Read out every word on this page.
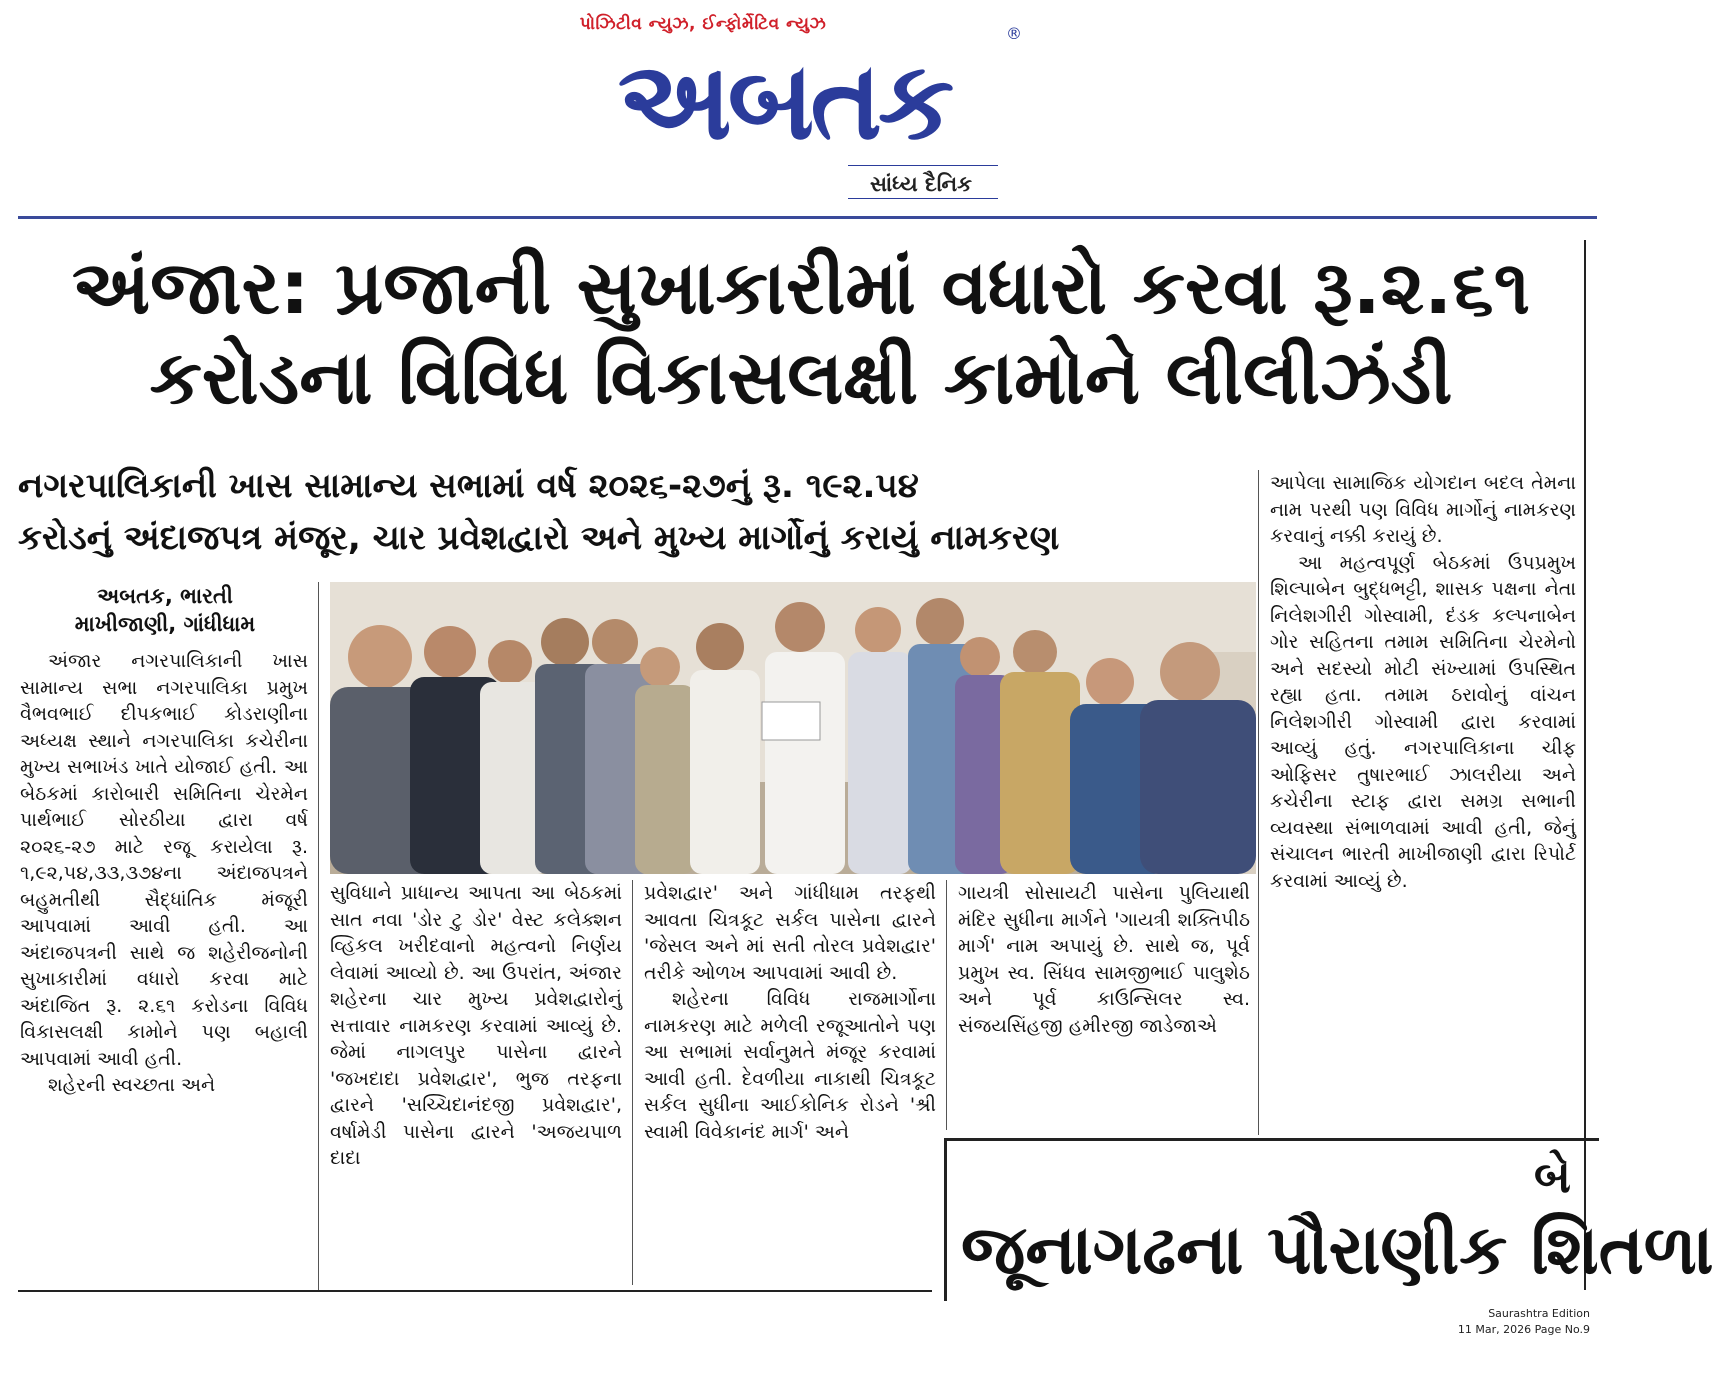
પોઝિટીવ ન્યુઝ, ઈન્ફોર્મેટિવ ન્યુઝ
અબતક
®
સાંધ્ય દૈનિક
અંજાર: પ્રજાની સુખાકારીમાં વધારો કરવા રૂ.૨.૬૧
કરોડના વિવિધ વિકાસલક્ષી કામોને લીલીઝંડી
નગરપાલિકાની ખાસ સામાન્ય સભામાં વર્ષ ૨૦૨૬-૨૭નું રૂ. ૧૯૨.૫૪
કરોડનું અંદાજપત્ર મંજૂર, ચાર પ્રવેશદ્વારો અને મુખ્ય માર્ગોનું કરાયું નામકરણ
અબતક, ભારતી
માખીજાણી, ગાંધીધામ

અંજાર નગરપાલિકાની ખાસ સામાન્ય સભા નગરપાલિકા પ્રમુખ વૈભવભાઈ દીપકભાઈ કોડરાણીના અધ્યક્ષ સ્થાને નગરપાલિકા કચેરીના મુખ્ય સભાખંડ ખાતે યોજાઈ હતી. આ બેઠકમાં કારોબારી સમિતિના ચેરમેન પાર્થભાઈ સોરઠીયા દ્વારા વર્ષ ૨૦૨૬-૨૭ માટે રજૂ કરાયેલા રૂ. ૧,૯૨,૫૪,૩૩,૩૭૪ના અંદાજપત્રને બહુમતીથી સૈદ્ધાંતિક મંજૂરી આપવામાં આવી હતી. આ અંદાજપત્રની સાથે જ શહેરીજનોની સુખાકારીમાં વધારો કરવા માટે અંદાજિત રૂ. ૨.૬૧ કરોડના વિવિધ વિકાસલક્ષી કામોને પણ બહાલી આપવામાં આવી હતી.

શહેરની સ્વચ્છતા અને

સુવિધાને પ્રાધાન્ય આપતા આ બેઠકમાં સાત નવા 'ડોર ટુ ડોર' વેસ્ટ કલેક્શન વ્હિકલ ખરીદવાનો મહત્વનો નિર્ણય લેવામાં આવ્યો છે. આ ઉપરાંત, અંજાર શહેરના ચાર મુખ્ય પ્રવેશદ્વારોનું સત્તાવાર નામકરણ કરવામાં આવ્યું છે. જેમાં નાગલપુર પાસેના દ્વારને 'જખદાદા પ્રવેશદ્વાર', ભુજ તરફના દ્વારને 'સચ્ચિદાનંદજી પ્રવેશદ્વાર', વર્ષામેડી પાસેના દ્વારને 'અજયપાળ દાદા

પ્રવેશદ્વાર' અને ગાંધીધામ તરફથી આવતા ચિત્રકૂટ સર્કલ પાસેના દ્વારને 'જેસલ અને માં સતી તોરલ પ્રવેશદ્વાર' તરીકે ઓળખ આપવામાં આવી છે.

શહેરના વિવિધ રાજમાર્ગોના નામકરણ માટે મળેલી રજૂઆતોને પણ આ સભામાં સર્વાનુમતે મંજૂર કરવામાં આવી હતી. દેવળીયા નાકાથી ચિત્રકૂટ સર્કલ સુધીના આઈકોનિક રોડને 'શ્રી સ્વામી વિવેકાનંદ માર્ગ' અને

ગાયત્રી સોસાયટી પાસેના પુલિયાથી મંદિર સુધીના માર્ગને 'ગાયત્રી શક્તિપીઠ માર્ગ' નામ અપાયું છે. સાથે જ, પૂર્વ પ્રમુખ સ્વ. સિંધવ સામજીભાઈ પાલુશેઠ અને પૂર્વ કાઉન્સિલર સ્વ. સંજયસિંહજી હમીરજી જાડેજાએ

આપેલા સામાજિક યોગદાન બદલ તેમના નામ પરથી પણ વિવિધ માર્ગોનું નામકરણ કરવાનું નક્કી કરાયું છે.

આ મહત્વપૂર્ણ બેઠકમાં ઉપપ્રમુખ શિલ્પાબેન બુદ્ધભટ્ટી, શાસક પક્ષના નેતા નિલેશગીરી ગોસ્વામી, દંડક કલ્પનાબેન ગોર સહિતના તમામ સમિતિના ચેરમેનો અને સદસ્યો મોટી સંખ્યામાં ઉપસ્થિત રહ્યા હતા. તમામ ઠરાવોનું વાંચન નિલેશગીરી ગોસ્વામી દ્વારા કરવામાં આવ્યું હતું. નગરપાલિકાના ચીફ ઓફિસર તુષારભાઈ ઝાલરીયા અને કચેરીના સ્ટાફ દ્વારા સમગ્ર સભાની વ્યવસ્થા સંભાળવામાં આવી હતી, જેનું સંચાલન ભારતી માખીજાણી દ્વારા રિપોર્ટ કરવામાં આવ્યું છે.

બે
જૂનાગઢના પૌરાણીક શિતળા
Saurashtra Edition
11 Mar, 2026 Page No.9
